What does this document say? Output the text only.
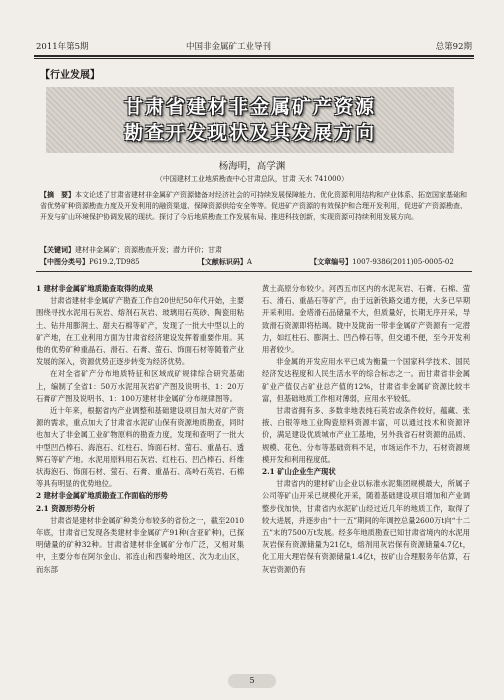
2011年第5期	中国非金属矿工业导刊	总第92期
【行业发展】
甘肃省建材非金属矿产资源
勘查开发现状及其发展方向
杨海明，高学渊
（中国建材工业地质勘查中心甘肃总队，甘肃 天水 741000）
【摘　要】本文论述了甘肃省建材非金属矿产资源储备对经济社会的可持续发展保障能力、优化资源利用结构和产业体系、拓宽国家基础和省优势矿种资源勘查力度及开发利用的融资渠道、保障资源供给安全等等。促进矿产资源的有效保护和合理开发利用，促进矿产资源勘查、开发与矿山环境保护协调发展的现状。探讨了今后地质勘查工作发展布局、推进科技创新，实现资源可持续利用发展方向。
【关键词】建材非金属矿；资源勘查开发；潜力评价；甘肃
【中图分类号】P619.2,TD985	【文献标识码】A	【文章编号】1007-9386(2011)05-0005-02

1 建材非金属矿地质勘查取得的成果

甘肃省建材非金属矿产勘查工作自20世纪50年代开始，主要围绕寻找水泥用石灰岩、熔剂石灰岩、玻璃用石英砂、陶瓷用粘土、钻井用膨润土、甜夫石棉等矿产，发现了一批大中型以上的矿产地，在工业利用方面为甘肃省经济建设发挥着重要作用。其他的优势矿种重晶石、滑石、石膏、萤石、饰面石材等随着产业发展的深入，资源优势正逐步转变为经济优势。

在对全省矿产分布地质特征和区域成矿规律综合研究基础上，编制了全省1：50万水泥用灰岩矿产图及说明书、1：20万石膏矿产图及说明书、1：100万建材非金属矿分布规律图等。

近十年来，根据省内产业调整和基础建设项目加大对矿产资源的需求，重点加大了甘肃省水泥矿山保有资源地质勘查，同时也加大了非金属工业矿物原料的勘查力度，发现和查明了一批大中型凹凸棒石、海泡石、红柱石、饰面石材、萤石、重晶石、透辉石等矿产地。水泥用原料用石灰岩、红柱石、凹凸棒石、纤维状海泡石、饰面石材、萤石、石膏、重晶石、高岭石英岩、石棉等具有明显的优势地位。

2 建材非金属矿地质勘查工作面临的形势

2.1 资源形势分析

甘肃省是建材非金属矿种类分布较多的省份之一，截至2010年底，甘肃省已发现各类建材非金属矿产91种(含亚矿种)，已探明储量的矿种32种。甘肃省建材非金属矿分布广泛，又相对集中，主要分布在阿尔金山、祁连山和西秦岭地区、次为北山区，而东部

黄土高原分布较少。河西五市区内的水泥灰岩、石膏、石棉、萤石、滑石、重晶石等矿产，由于远新铁路交通方便，大多已早期开采利用。金塔滑石品储量不大，但质量好，长期无序开采，导致滑石资源即将枯竭。陇中及陇南一带非金属矿产资源有一定潜力，如红柱石、膨润土、凹凸棒石等，但交通不便，至今开发利用者较少。

非金属的开发应用水平已成为衡量一个国家科学技术、国民经济发达程度和人民生活水平的综合标志之一。而甘肃省非金属矿业产值仅占矿业总产值的12%，甘肃省非金属矿资源比较丰富，但基础地质工作相对薄弱，应用水平较低。

甘肃省拥有多、多数非地表纯石英岩或条件较好，蕴藏、张掖、白银等地工业陶瓷原料资源丰富，可以通过技术和资源评价，满足建设优质城市产业工基地，另外我省石材资源的品质、规模、花色、分布等基础资料不足，市场运作不力，石材资源规模开发和利用程度低。

2.1 矿山企业生产现状

甘肃省内的建材矿山企业以标准水泥集团规模最大，所属子公司等矿山开采已规模化开采，随着基础建设项目增加和产业调整步伐加快，甘肃省内水泥矿山经过近几年的地质工作，取得了较大进展，并逐步由“十一五”期间的年调控总量2600万t向“十二五”末的7500万t发展。经多年地质勘查已知甘肃省境内的水泥用灰岩保有资源储量为21亿t，熔剂用灰岩保有资源储量4.7亿t，化工用大理岩保有资源储量1.4亿t，按矿山合理服务年估算，石灰岩资源仍有

5
